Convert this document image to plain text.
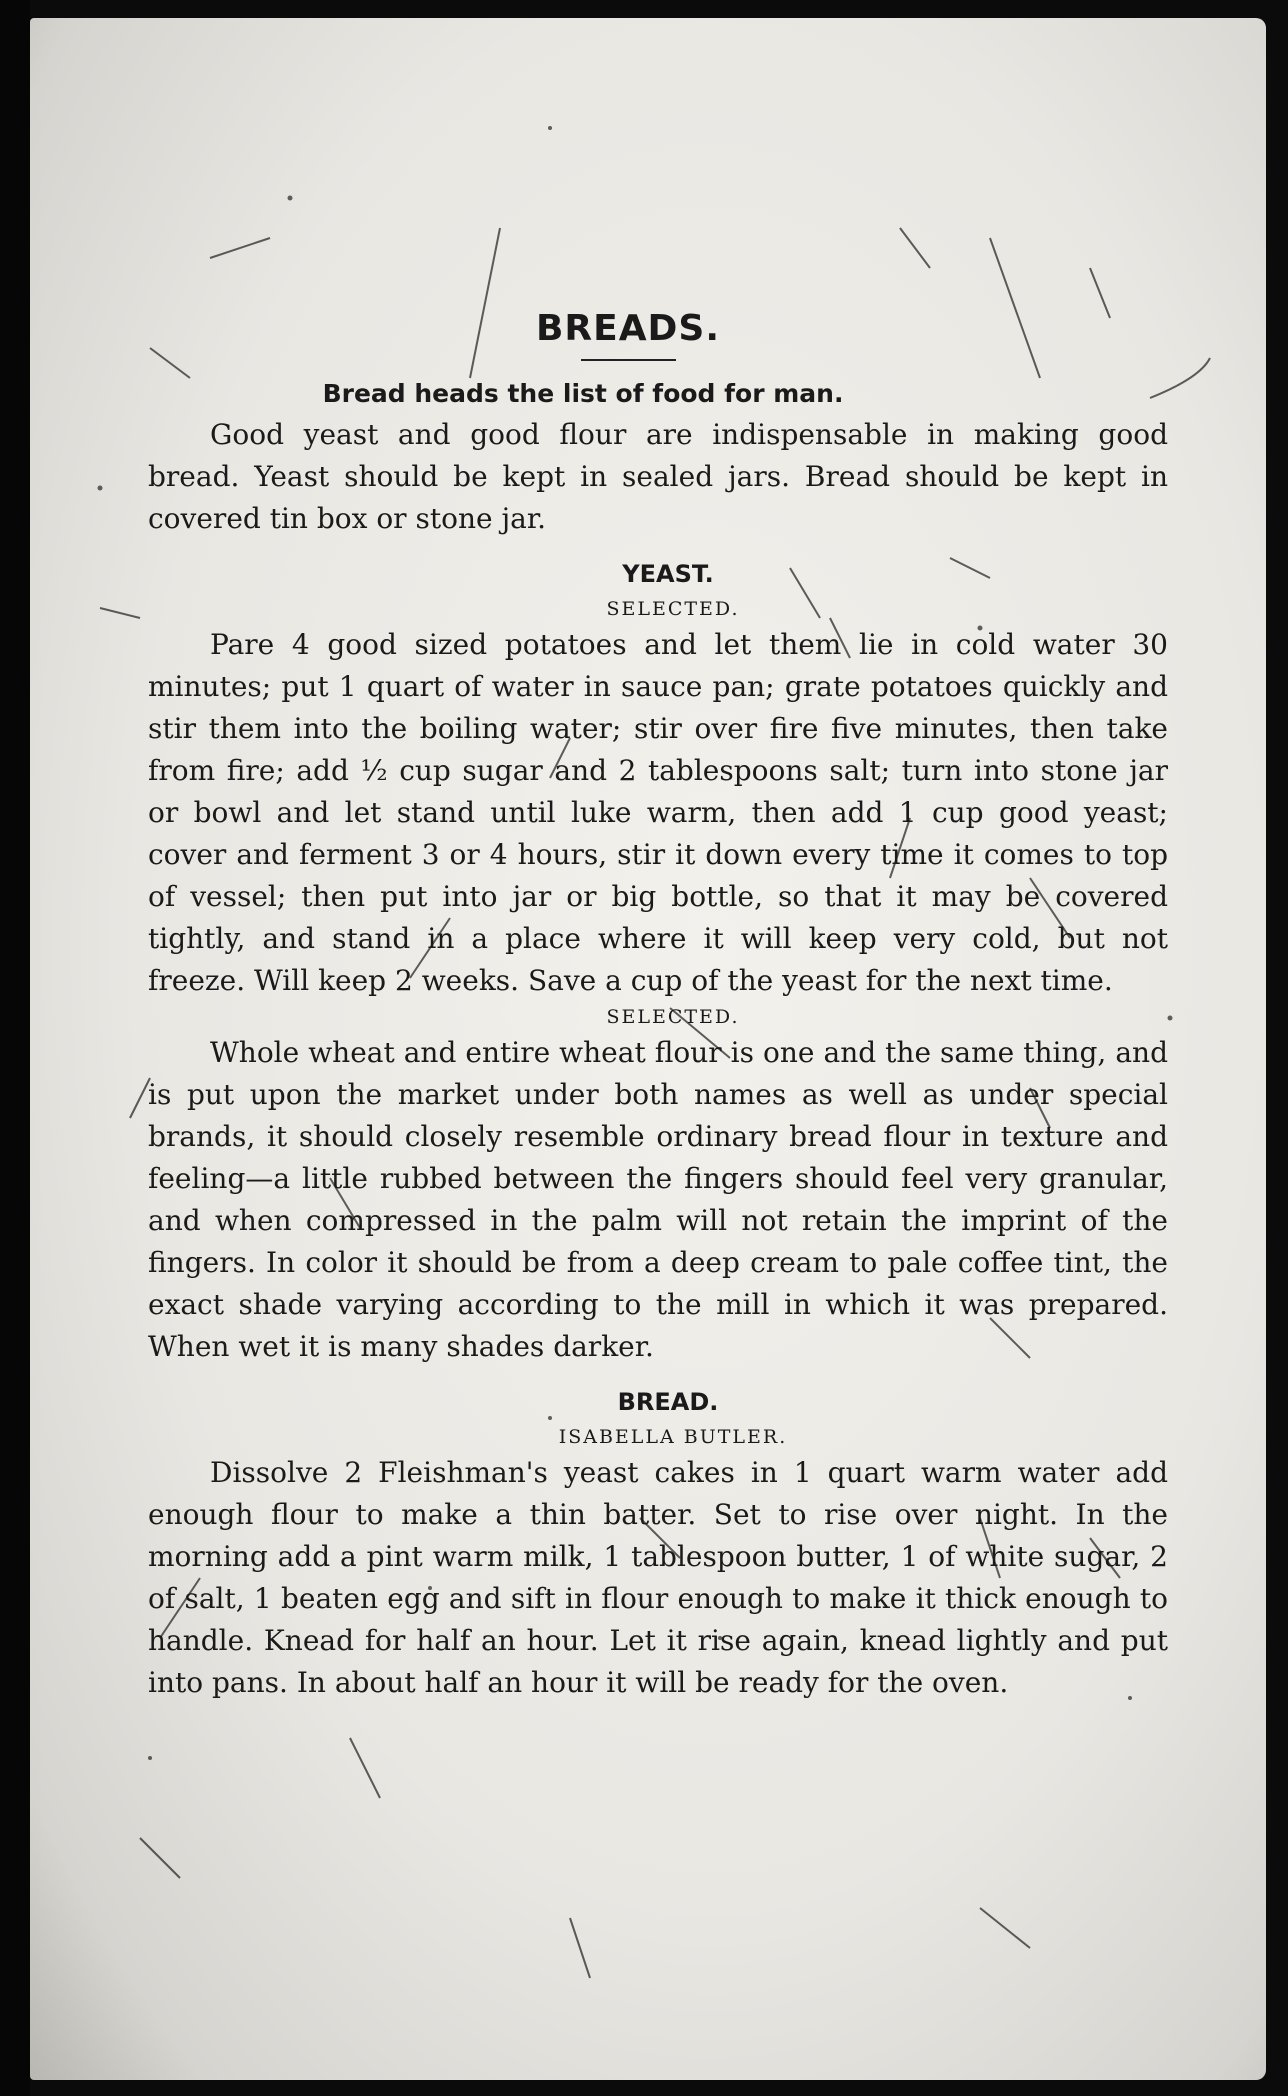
BREADS.
Bread heads the list of food for man.

Good yeast and good flour are indispensable in making good bread. Yeast should be kept in sealed jars. Bread should be kept in covered tin box or stone jar.

YEAST.
SELECTED.

Pare 4 good sized potatoes and let them lie in cold water 30 minutes; put 1 quart of water in sauce pan; grate potatoes quickly and stir them into the boiling water; stir over fire five minutes, then take from fire; add ½ cup sugar and 2 tablespoons salt; turn into stone jar or bowl and let stand until luke warm, then add 1 cup good yeast; cover and ferment 3 or 4 hours, stir it down every time it comes to top of vessel; then put into jar or big bottle, so that it may be covered tightly, and stand in a place where it will keep very cold, but not freeze. Will keep 2 weeks. Save a cup of the yeast for the next time.

SELECTED.

Whole wheat and entire wheat flour is one and the same thing, and is put upon the market under both names as well as under special brands, it should closely resemble ordinary bread flour in texture and feeling—a little rubbed between the fingers should feel very granular, and when compressed in the palm will not retain the imprint of the fingers. In color it should be from a deep cream to pale coffee tint, the exact shade varying according to the mill in which it was prepared. When wet it is many shades darker.

BREAD.
ISABELLA BUTLER.

Dissolve 2 Fleishman's yeast cakes in 1 quart warm water add enough flour to make a thin batter. Set to rise over night. In the morning add a pint warm milk, 1 tablespoon butter, 1 of white sugar, 2 of salt, 1 beaten egg and sift in flour enough to make it thick enough to handle. Knead for half an hour. Let it rise again, knead lightly and put into pans. In about half an hour it will be ready for the oven.
